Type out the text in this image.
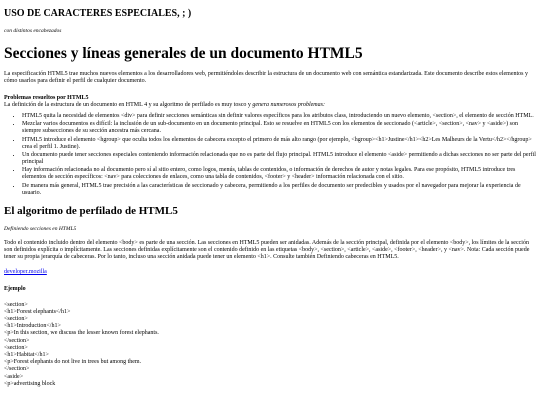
USO DE CARACTERES ESPECIALES, ; )
con distintos encabezados
Secciones y líneas generales de un documento HTML5

La especificación HTML5 trae muchos nuevos elementos a los desarrolladores web, permitiéndoles describir la estructura de un documento web con semántica estandarizada. Este documento describe estos elementos y cómo usarlos para definir el perfil de cualquier documento.

Problemas resueltos por HTML5

La definición de la estructura de un documento en HTML 4 y su algoritmo de perfilado es muy tosco y genera numerosos problemas:

• HTML5 quita la necesidad de elementos <div> para definir secciones semánticas sin definir valores específicos para los atributos class, introduciendo un nuevo elemento, <section>, el elemento de sección HTML.
• Mezclar varios documentos es difícil: la inclusión de un sub-documento en un documento principal. Esto se resuelve en HTML5 con los elementos de seccionado (<article>, <section>, <nav> y <aside>) son siempre subsecciones de su sección ancestra más cercana.
• HTML5 introduce el elemento <hgroup> que oculta todos los elementos de cabecera excepto el primero de más alto rango (por ejemplo, <hgroup><h1>Justine</h1><h2>Les Malheurs de la Vertu</h2></hgroup> crea el perfil 1. Justine).
• Un documento puede tener secciones especiales conteniendo información relacionada que no es parte del flujo principal. HTML5 introduce el elemento <aside> permitiendo a dichas secciones no ser parte del perfil principal
• Hay información relacionada no al documento pero sí al sitio entero, como logos, menús, tablas de contenidos, o información de derechos de autor y notas legales. Para ese propósito, HTML5 introduce tres elementos de sección específicos: <nav> para colecciones de enlaces, como una tabla de contenidos, <footer> y <header> información relacionada con el sitio.
• De manera más general, HTML5 trae precisión a las características de seccionado y cabecera, permitiendo a los perfiles de documento ser predecibles y usados por el navegador para mejorar la experiencia de usuario.
El algoritmo de perfilado de HTML5
Definiendo secciones en HTML5

Todo el contenido incluido dentro del elemento <body> es parte de una sección. Las secciones en HTML5 pueden ser anidadas. Además de la sección principal, definida por el elemento <body>, los límites de la sección son definidos explícita o implícitamente. Las secciones definidas explícitamente son el contenido definido en las etiquetas <body>, <section>, <article>, <aside>, <footer>, <header>, y <nav>. Nota: Cada sección puede tener su propia jerarquía de cabeceras. Por lo tanto, incluso una sección anidada puede tener un elemento <h1>. Consulte también Definiendo cabeceras en HTML5.

developer.mozilla
Ejemplo
<section>
<h1>Forest elephants</h1>
<section>
<h1>Introduction</h1>
<p>In this section, we discuss the lesser known forest elephants.
</section>
<section>
<h1>Habitat</h1>
<p>Forest elephants do not live in trees but among them.
</section>
<aside>
<p>advertising block
